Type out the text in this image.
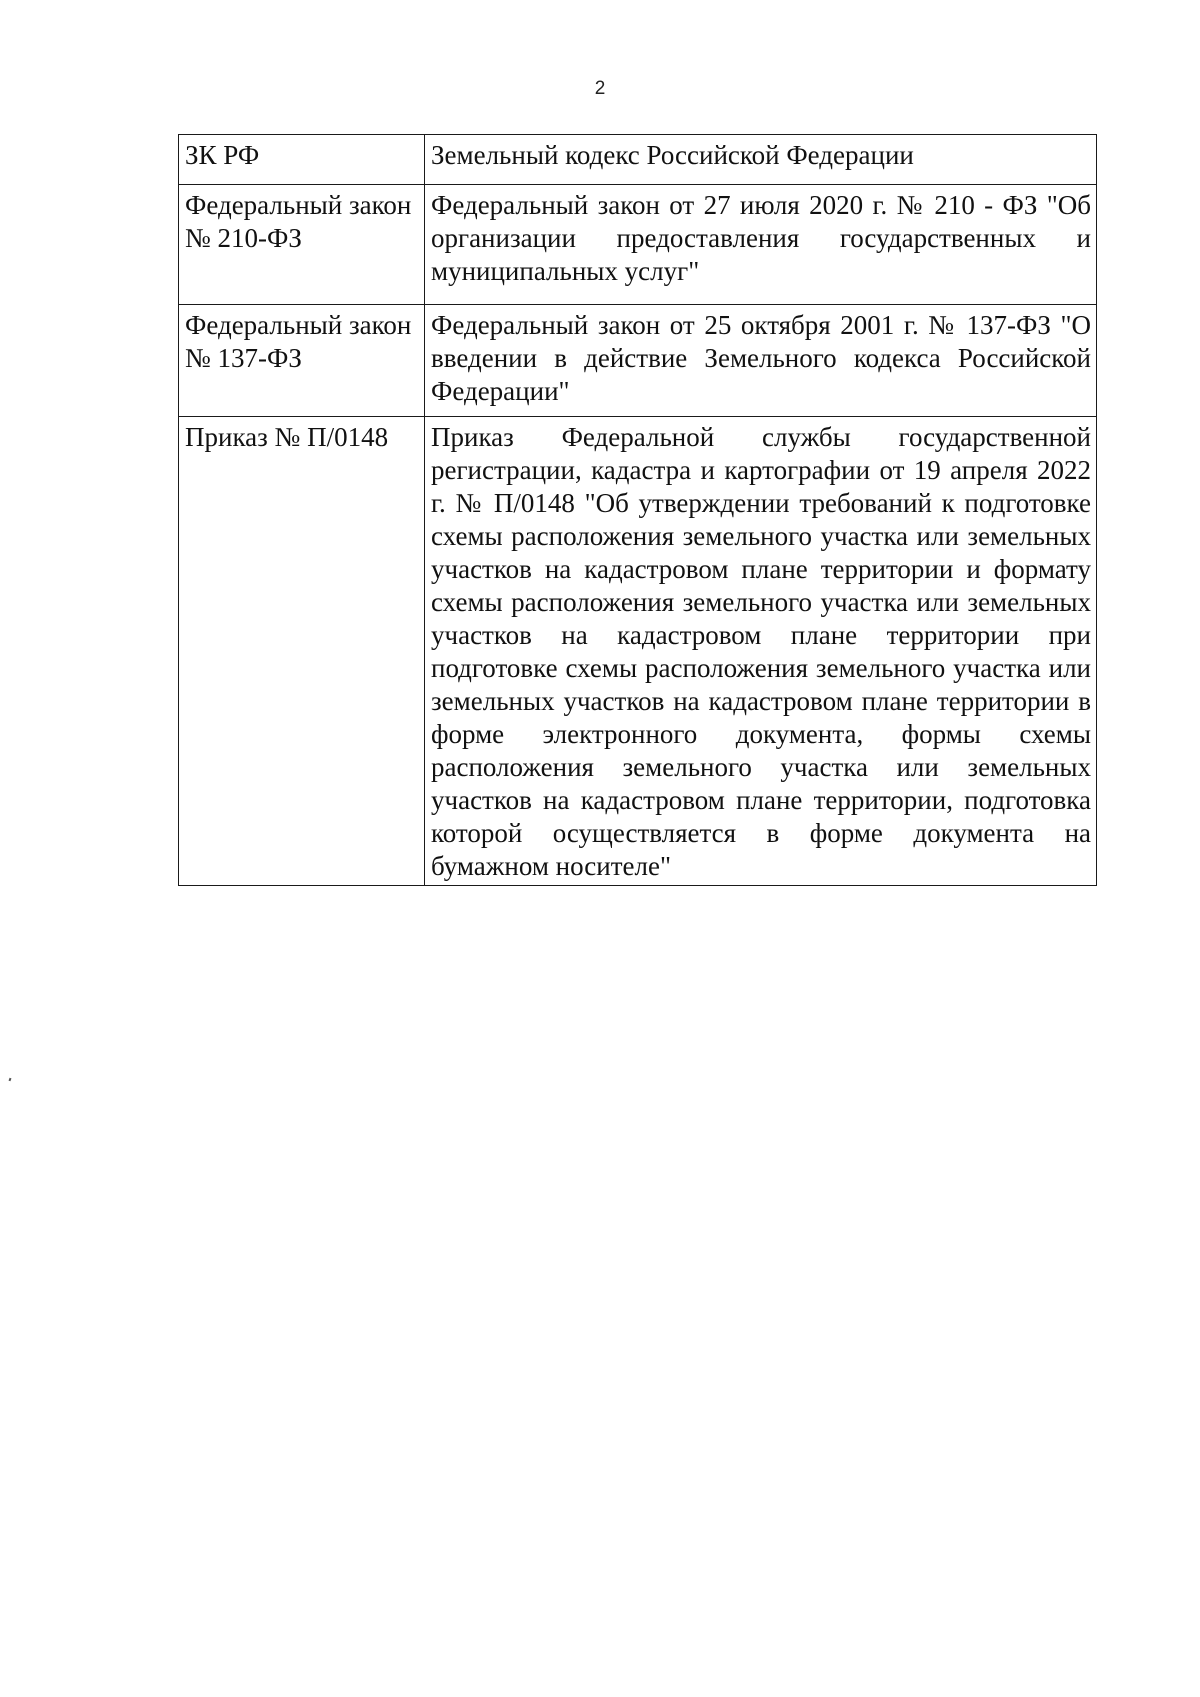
2
ЗК РФ	Земельный кодекс Российской Федерации
Федеральный закон № 210-ФЗ	Федеральный закон от 27 июля 2020 г. № 210 - ФЗ "Об организации предоставления государственных и муниципальных услуг"
Федеральный закон № 137-ФЗ	Федеральный закон от 25 октября 2001 г. № 137-ФЗ "О введении в действие Земельного кодекса Российской Федерации"
Приказ № П/0148	Приказ Федеральной службы государственной регистрации, кадастра и картографии от 19 апреля 2022 г. № П/0148 "Об утверждении требований к подготовке схемы расположения земельного участка или земельных участков на кадастровом плане территории и формату схемы расположения земельного участка или земельных участков на кадастровом плане территории при подготовке схемы расположения земельного участка или земельных участков на кадастровом плане территории в форме электронного документа, формы схемы расположения земельного участка или земельных участков на кадастровом плане территории, подготовка которой осуществляется в форме документа на бумажном носителе"
